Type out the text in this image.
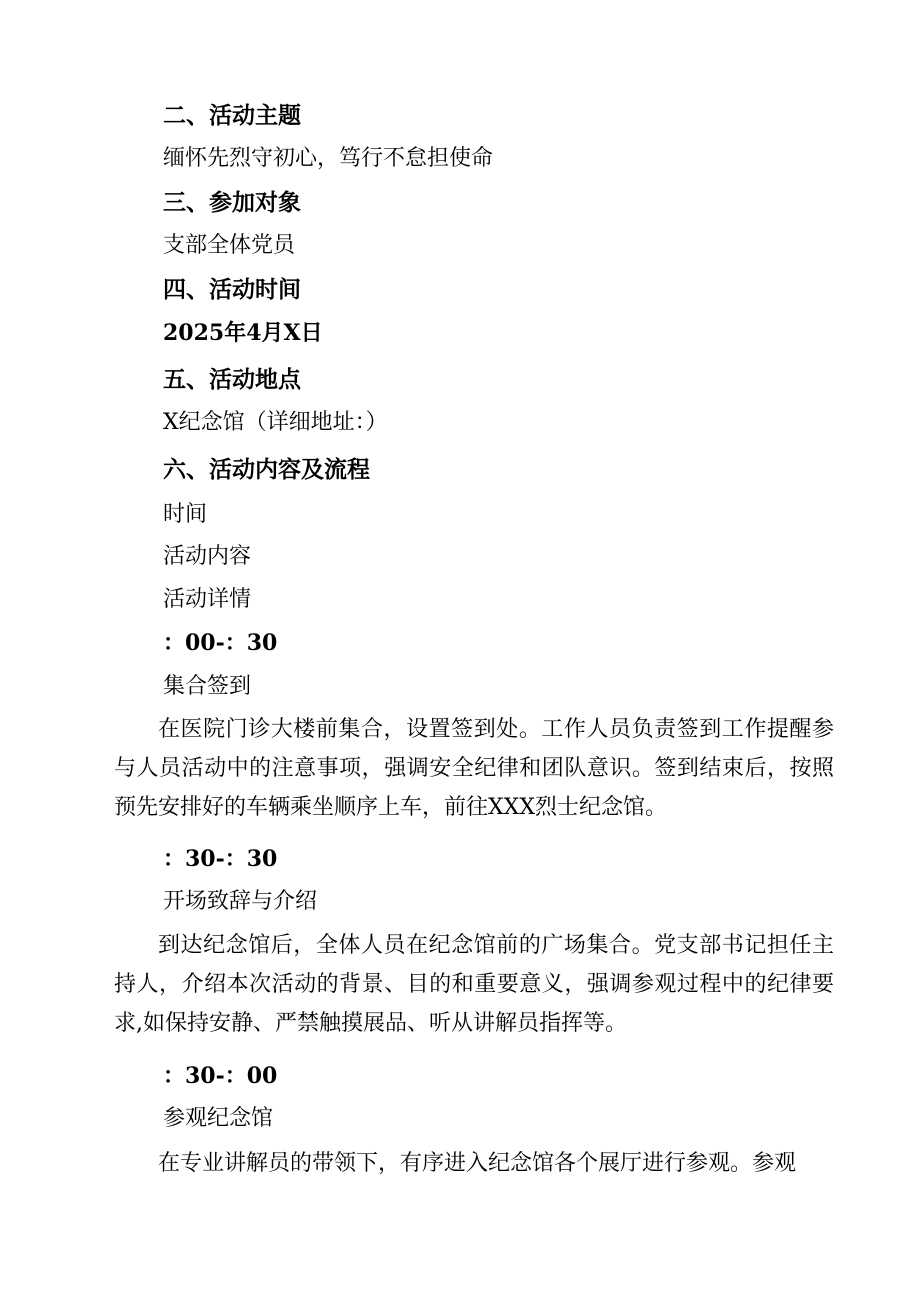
二、活动主题
缅怀先烈守初心，笃行不怠担使命
三、参加对象
支部全体党员
四、活动时间
2025年4月X日
五、活动地点
X纪念馆（详细地址：）
六、活动内容及流程
时间
活动内容
活动详情
：00-：30
集合签到
在医院门诊大楼前集合，设置签到处。工作人员负责签到工作提醒参与人员活动中的注意事项，强调安全纪律和团队意识。签到结束后，按照预先安排好的车辆乘坐顺序上车，前往XXX烈士纪念馆。
：30-：30
开场致辞与介绍
到达纪念馆后，全体人员在纪念馆前的广场集合。党支部书记担任主持人，介绍本次活动的背景、目的和重要意义，强调参观过程中的纪律要求,如保持安静、严禁触摸展品、听从讲解员指挥等。
：30-：00
参观纪念馆
在专业讲解员的带领下，有序进入纪念馆各个展厅进行参观。参观
